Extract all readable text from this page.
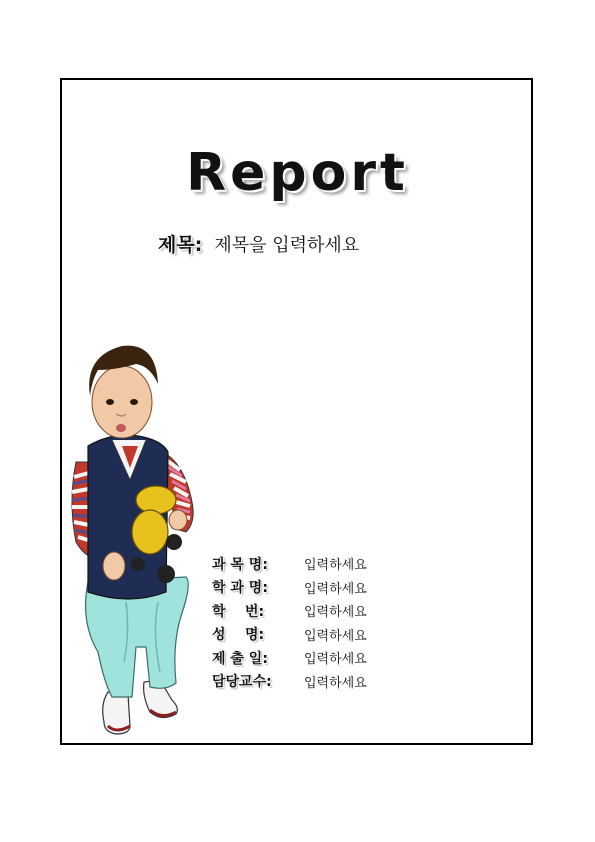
Report
제목: 제목을 입력하세요
과 목 명:	입력하세요
학 과 명:	입력하세요
학    번:	입력하세요
성    명:	입력하세요
제 출 일:	입력하세요
담당교수:	입력하세요
